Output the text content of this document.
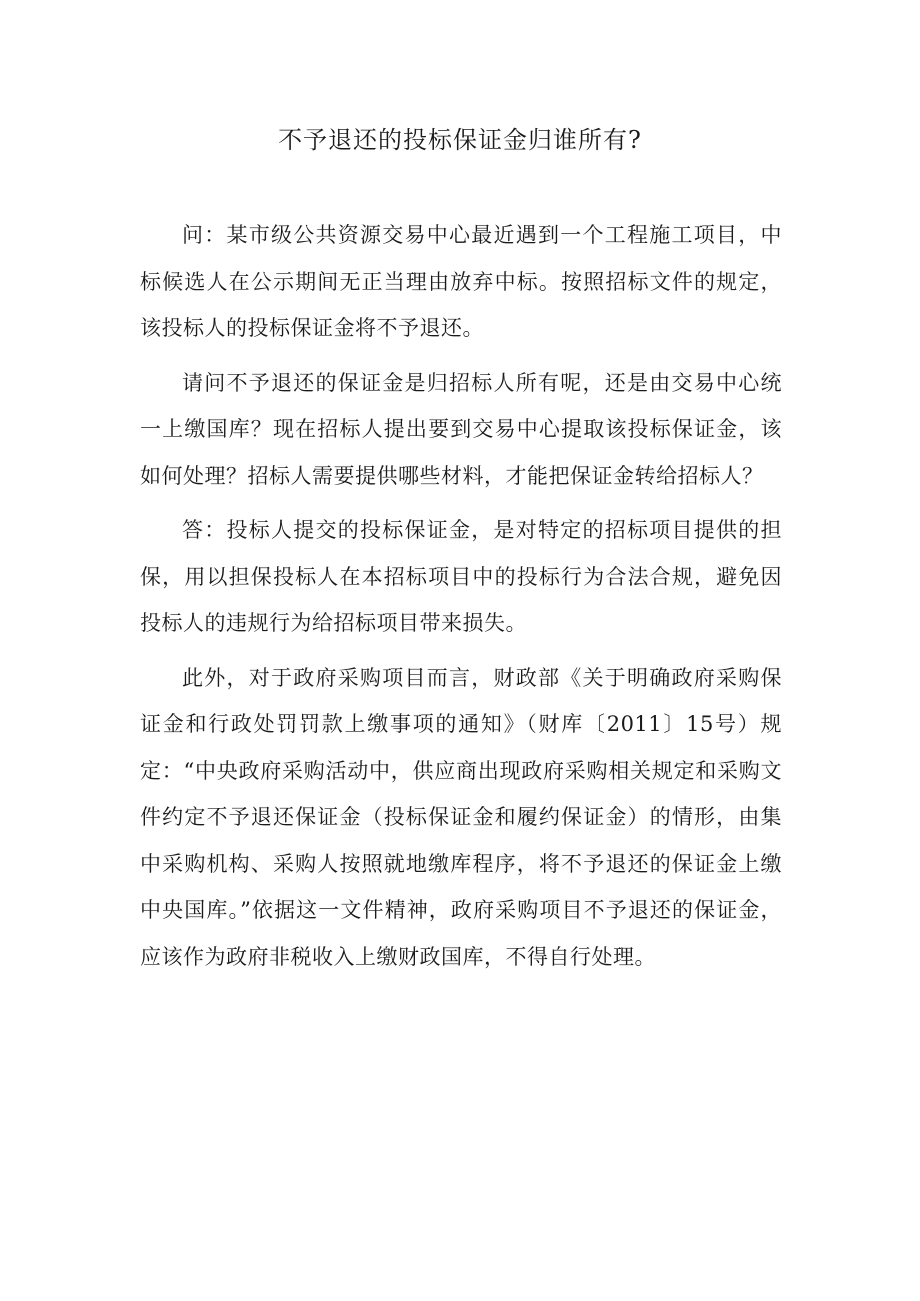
不予退还的投标保证金归谁所有?

问：某市级公共资源交易中心最近遇到一个工程施工项目，中标候选人在公示期间无正当理由放弃中标。按照招标文件的规定，该投标人的投标保证金将不予退还。

请问不予退还的保证金是归招标人所有呢，还是由交易中心统一上缴国库？现在招标人提出要到交易中心提取该投标保证金，该如何处理？招标人需要提供哪些材料，才能把保证金转给招标人？

答：投标人提交的投标保证金，是对特定的招标项目提供的担保，用以担保投标人在本招标项目中的投标行为合法合规，避免因投标人的违规行为给招标项目带来损失。

此外，对于政府采购项目而言，财政部《关于明确政府采购保证金和行政处罚罚款上缴事项的通知》（财库〔2011〕15号）规定：“中央政府采购活动中，供应商出现政府采购相关规定和采购文件约定不予退还保证金（投标保证金和履约保证金）的情形，由集中采购机构、采购人按照就地缴库程序，将不予退还的保证金上缴中央国库。”依据这一文件精神，政府采购项目不予退还的保证金，应该作为政府非税收入上缴财政国库，不得自行处理。
